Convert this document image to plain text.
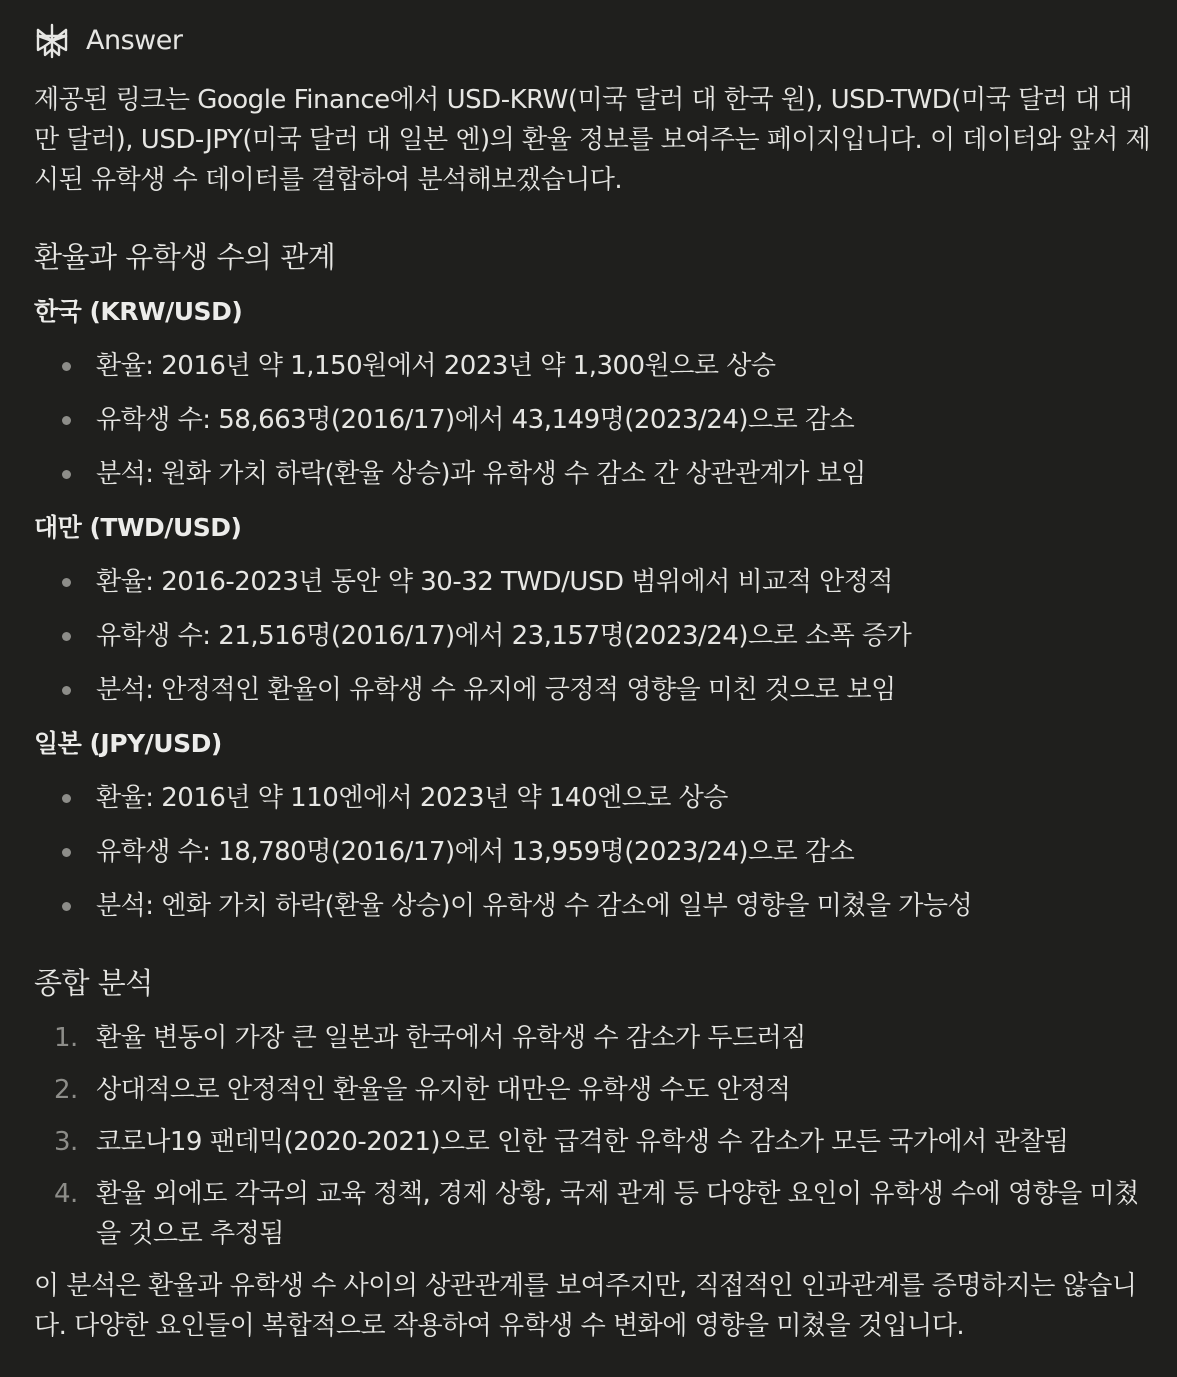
Answer

제공된 링크는 Google Finance에서 USD-KRW(미국 달러 대 한국 원), USD-TWD(미국 달러 대 대만 달러), USD-JPY(미국 달러 대 일본 엔)의 환율 정보를 보여주는 페이지입니다. 이 데이터와 앞서 제시된 유학생 수 데이터를 결합하여 분석해보겠습니다.

환율과 유학생 수의 관계

한국 (KRW/USD)

환율: 2016년 약 1,150원에서 2023년 약 1,300원으로 상승
유학생 수: 58,663명(2016/17)에서 43,149명(2023/24)으로 감소
분석: 원화 가치 하락(환율 상승)과 유학생 수 감소 간 상관관계가 보임

대만 (TWD/USD)

환율: 2016-2023년 동안 약 30-32 TWD/USD 범위에서 비교적 안정적
유학생 수: 21,516명(2016/17)에서 23,157명(2023/24)으로 소폭 증가
분석: 안정적인 환율이 유학생 수 유지에 긍정적 영향을 미친 것으로 보임

일본 (JPY/USD)

환율: 2016년 약 110엔에서 2023년 약 140엔으로 상승
유학생 수: 18,780명(2016/17)에서 13,959명(2023/24)으로 감소
분석: 엔화 가치 하락(환율 상승)이 유학생 수 감소에 일부 영향을 미쳤을 가능성
종합 분석
1. 환율 변동이 가장 큰 일본과 한국에서 유학생 수 감소가 두드러짐
2. 상대적으로 안정적인 환율을 유지한 대만은 유학생 수도 안정적
3. 코로나19 팬데믹(2020-2021)으로 인한 급격한 유학생 수 감소가 모든 국가에서 관찰됨
4. 환율 외에도 각국의 교육 정책, 경제 상황, 국제 관계 등 다양한 요인이 유학생 수에 영향을 미쳤을 것으로 추정됨

이 분석은 환율과 유학생 수 사이의 상관관계를 보여주지만, 직접적인 인과관계를 증명하지는 않습니다. 다양한 요인들이 복합적으로 작용하여 유학생 수 변화에 영향을 미쳤을 것입니다.
